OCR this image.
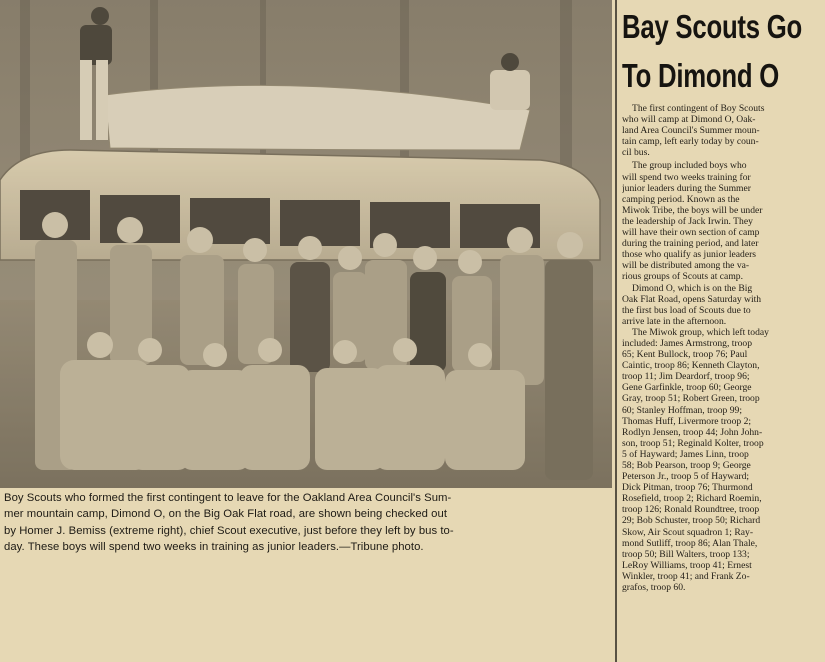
Boy Scouts who formed the first contingent to leave for the Oakland Area Council's Sum-
mer mountain camp, Dimond O, on the Big Oak Flat road, are shown being checked out
by Homer J. Bemiss (extreme right), chief Scout executive, just before they left by bus to-
day. These boys will spend two weeks in training as junior leaders.—Tribune photo.
Bay Scouts Go
To Dimond O
The first contingent of Boy Scouts
who will camp at Dimond O, Oak-
land Area Council's Summer moun-
tain camp, left early today by coun-
cil bus.
The group included boys who
will spend two weeks training for
junior leaders during the Summer
camping period. Known as the
Miwok Tribe, the boys will be under
the leadership of Jack Irwin. They
will have their own section of camp
during the training period, and later
those who qualify as junior leaders
will be distributed among the va-
rious groups of Scouts at camp.
Dimond O, which is on the Big
Oak Flat Road, opens Saturday with
the first bus load of Scouts due to
arrive late in the afternoon.
The Miwok group, which left today
included: James Armstrong, troop
65; Kent Bullock, troop 76; Paul
Caintic, troop 86; Kenneth Clayton,
troop 11; Jim Deardorf, troop 96;
Gene Garfinkle, troop 60; George
Gray, troop 51; Robert Green, troop
60; Stanley Hoffman, troop 99;
Thomas Huff, Livermore troop 2;
Rodlyn Jensen, troop 44; John John-
son, troop 51; Reginald Kolter, troop
5 of Hayward; James Linn, troop
58; Bob Pearson, troop 9; George
Peterson Jr., troop 5 of Hayward;
Dick Pitman, troop 76; Thurmond
Rosefield, troop 2; Richard Roemin,
troop 126; Ronald Roundtree, troop
29; Bob Schuster, troop 50; Richard
Skow, Air Scout squadron 1; Ray-
mond Sutliff, troop 86; Alan Thale,
troop 50; Bill Walters, troop 133;
LeRoy Williams, troop 41; Ernest
Winkler, troop 41; and Frank Zo-
grafos, troop 60.
